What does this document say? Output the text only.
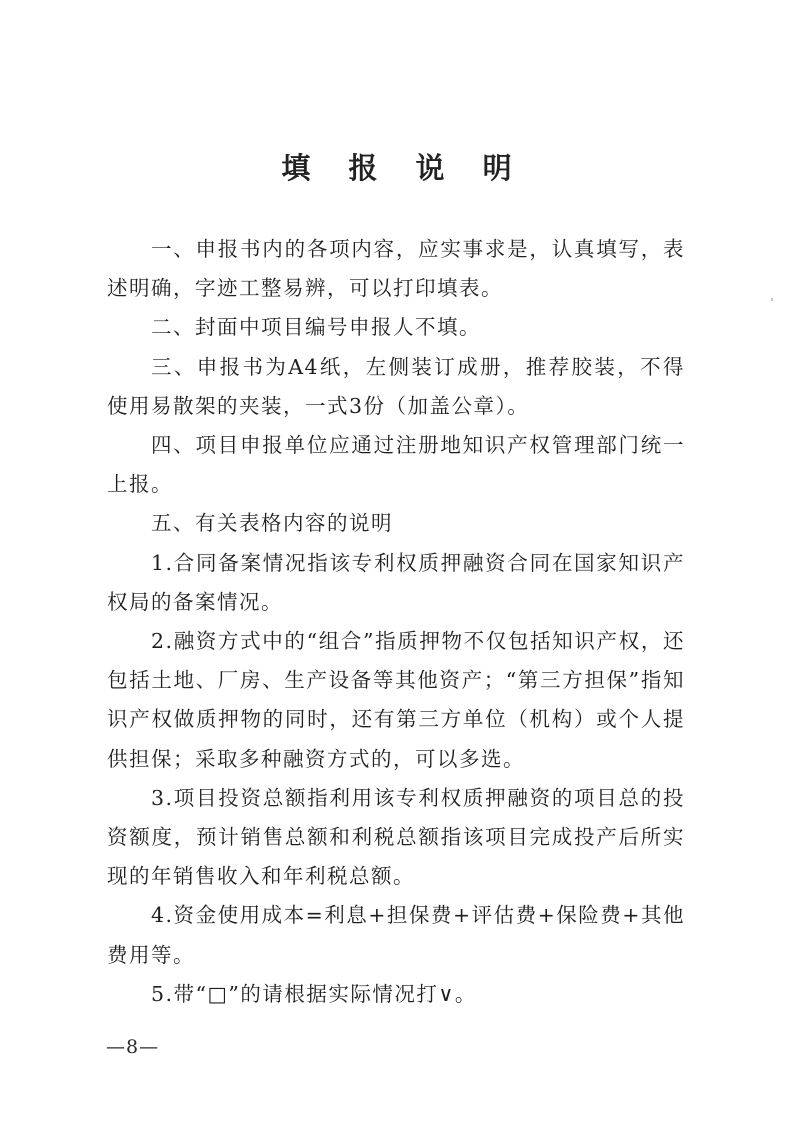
填 报 说 明

一、申报书内的各项内容，应实事求是，认真填写，表述明确，字迹工整易辨，可以打印填表。

二、封面中项目编号申报人不填。

三、申报书为A4纸，左侧装订成册，推荐胶装，不得使用易散架的夹装，一式3份（加盖公章）。

四、项目申报单位应通过注册地知识产权管理部门统一上报。

五、有关表格内容的说明

1.合同备案情况指该专利权质押融资合同在国家知识产权局的备案情况。

2.融资方式中的“组合”指质押物不仅包括知识产权，还包括土地、厂房、生产设备等其他资产；“第三方担保”指知识产权做质押物的同时，还有第三方单位（机构）或个人提供担保；采取多种融资方式的，可以多选。

3.项目投资总额指利用该专利权质押融资的项目总的投资额度，预计销售总额和利税总额指该项目完成投产后所实现的年销售收入和年利税总额。

4.资金使用成本=利息+担保费+评估费+保险费+其他费用等。

5.带“□”的请根据实际情况打∨。

—8—
